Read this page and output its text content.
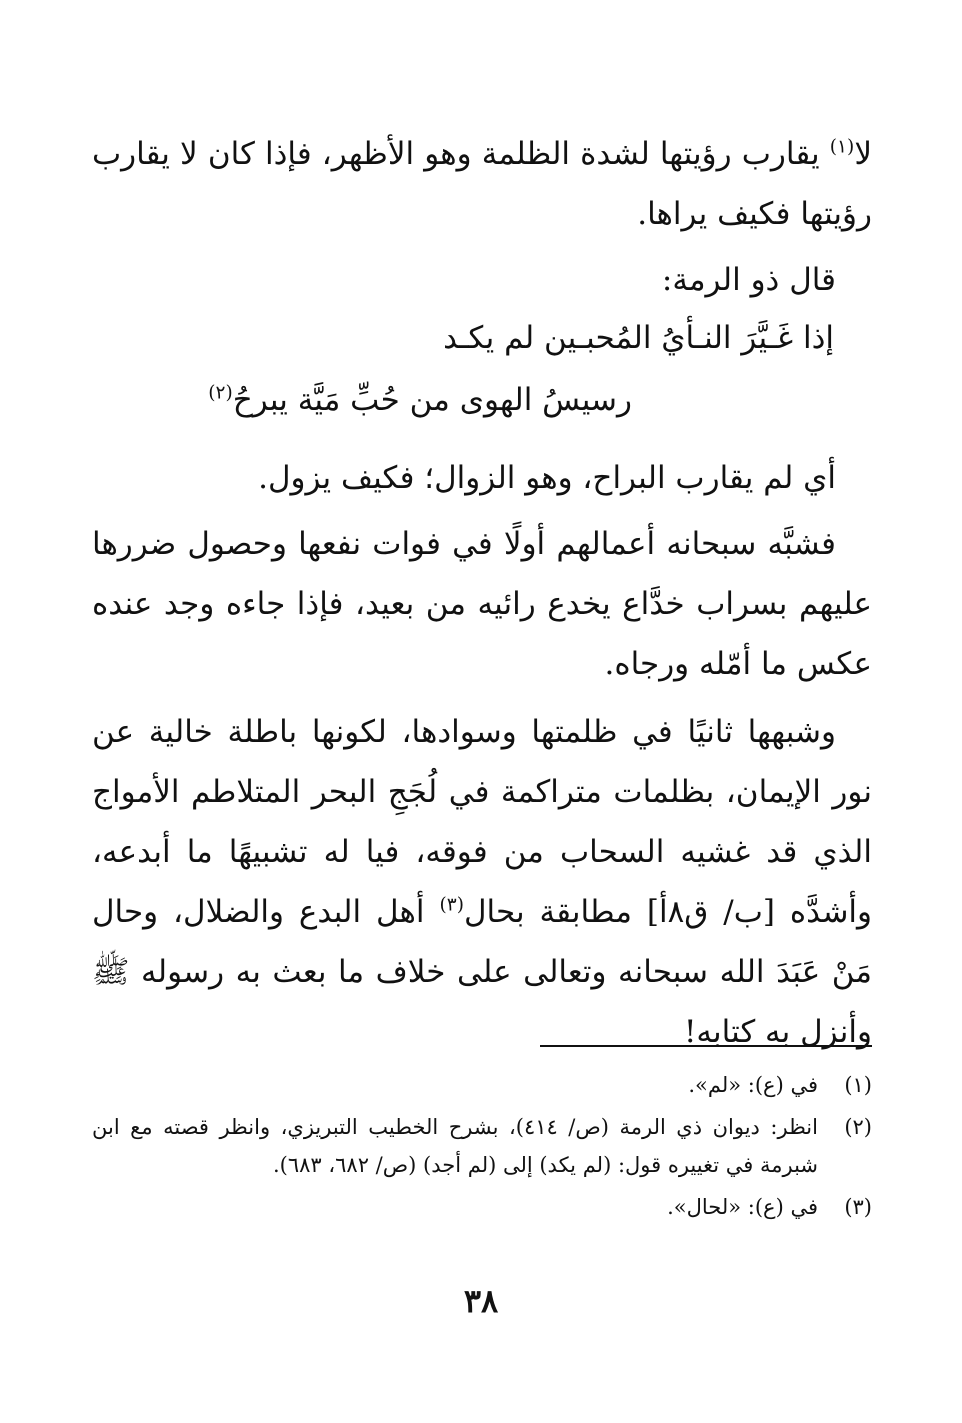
لا$^{(١)}$ يقارب رؤيتها لشدة الظلمة وهو الأظهر، فإذا كان لا يقارب رؤيتها فكيف يراها.

قال ذو الرمة:

إذا غَـيَّرَ النـأيُ المُحبـين لم يكـد
رسيسُ الهوى من حُبِّ مَيَّة يبرحُ$^{(٢)}$

أي لم يقارب البراح، وهو الزوال؛ فكيف يزول.

فشبَّه سبحانه أعمالهم أولًا في فوات نفعها وحصول ضررها عليهم بسراب خدَّاع يخدع رائيه من بعيد، فإذا جاءه وجد عنده عكس ما أمّله ورجاه.

وشبهها ثانيًا في ظلمتها وسوادها، لكونها باطلة خالية عن نور الإيمان، بظلمات متراكمة في لُجَجِ البحر المتلاطم الأمواج الذي قد غشيه السحاب من فوقه، فيا له تشبيهًا ما أبدعه، وأشدَّه [ب/ ق٨أ] مطابقة بحال$^{(٣)}$ أهل البدع والضلال، وحال مَنْ عَبَدَ الله سبحانه وتعالى على خلاف ما بعث به رسوله ﷺ وأنزل به كتابه!

(١)
في (ع): «لم».

(٢)
انظر: ديوان ذي الرمة (ص/ ٤١٤)، بشرح الخطيب التبريزي، وانظر قصته مع ابن شبرمة في تغييره قول: (لم يكد) إلى (لم أجد) (ص/ ٦٨٢، ٦٨٣).

(٣)
في (ع): «لحال».

٣٨
